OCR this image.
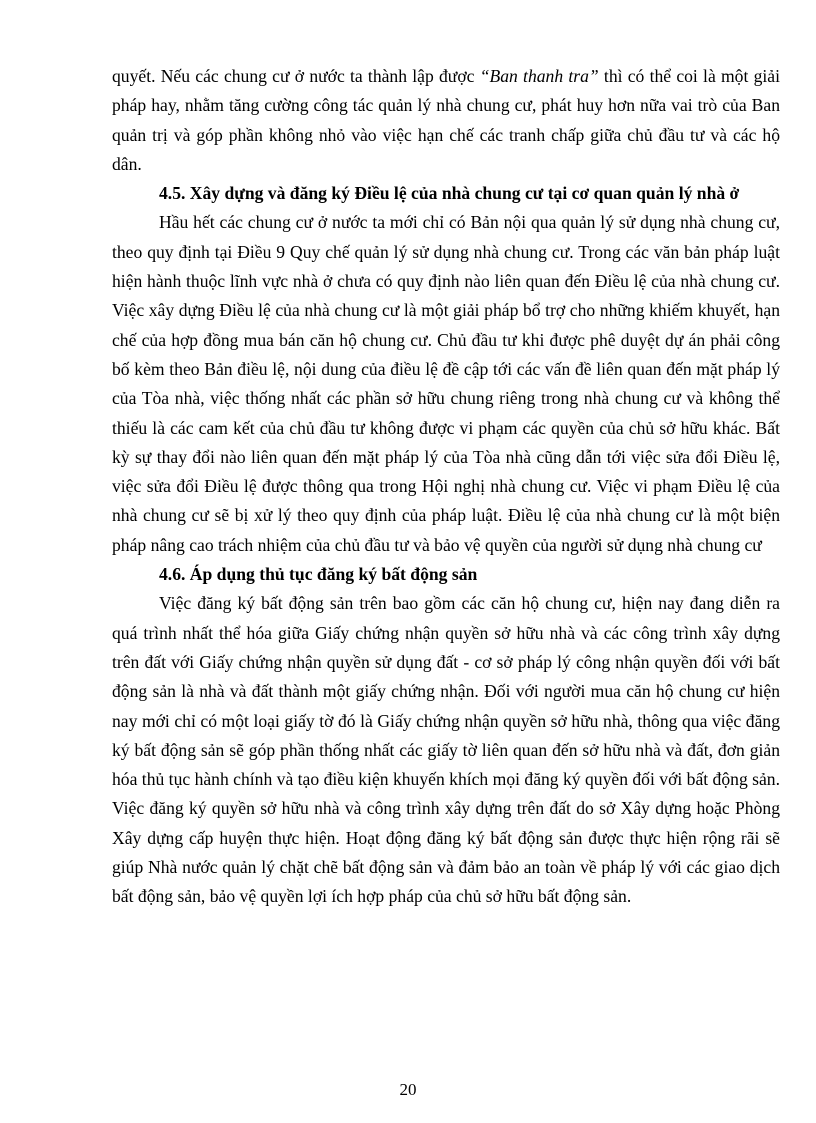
quyết. Nếu các chung cư ở nước ta thành lập được “Ban thanh tra” thì có thể coi là một giải pháp hay, nhằm tăng cường công tác quản lý nhà chung cư, phát huy hơn nữa vai trò của Ban quản trị và góp phần không nhỏ vào việc hạn chế các tranh chấp giữa chủ đầu tư và các hộ dân.

4.5. Xây dựng và đăng ký Điều lệ của nhà chung cư tại cơ quan quản lý nhà ở

Hầu hết các chung cư ở nước ta mới chỉ có Bản nội qua quản lý sử dụng nhà chung cư, theo quy định tại Điều 9 Quy chế quản lý sử dụng nhà chung cư. Trong các văn bản pháp luật hiện hành thuộc lĩnh vực nhà ở chưa có quy định nào liên quan đến Điều lệ của nhà chung cư. Việc xây dựng Điều lệ của nhà chung cư là một giải pháp bổ trợ cho những khiếm khuyết, hạn chế của hợp đồng mua bán căn hộ chung cư. Chủ đầu tư khi được phê duyệt dự án phải công bố kèm theo Bản điều lệ, nội dung của điều lệ đề cập tới các vấn đề liên quan đến mặt pháp lý của Tòa nhà, việc thống nhất các phần sở hữu chung riêng trong nhà chung cư và không thể thiếu là các cam kết của chủ đầu tư không được vi phạm các quyền của chủ sở hữu khác. Bất kỳ sự thay đổi nào liên quan đến mặt pháp lý của Tòa nhà cũng dẫn tới việc sửa đổi Điều lệ, việc sửa đổi Điều lệ được thông qua trong Hội nghị nhà chung cư. Việc vi phạm Điều lệ của nhà chung cư sẽ bị xử lý theo quy định của pháp luật. Điều lệ của nhà chung cư là một biện pháp nâng cao trách nhiệm của chủ đầu tư và bảo vệ quyền của người sử dụng nhà chung cư

4.6. Áp dụng thủ tục đăng ký bất động sản

Việc đăng ký bất động sản trên bao gồm các căn hộ chung cư, hiện nay đang diễn ra quá trình nhất thể hóa giữa Giấy chứng nhận quyền sở hữu nhà và các công trình xây dựng trên đất với Giấy chứng nhận quyền sử dụng đất - cơ sở pháp lý công nhận quyền đối với bất động sản là nhà và đất thành một giấy chứng nhận. Đối với người mua căn hộ chung cư hiện nay mới chỉ có một loại giấy tờ đó là Giấy chứng nhận quyền sở hữu nhà, thông qua việc đăng ký bất động sản sẽ góp phần thống nhất các giấy tờ liên quan đến sở hữu nhà và đất, đơn giản hóa thủ tục hành chính và tạo điều kiện khuyến khích mọi đăng ký quyền đối với bất động sản. Việc đăng ký quyền sở hữu nhà và công trình xây dựng trên đất do sở Xây dựng hoặc Phòng Xây dựng cấp huyện thực hiện. Hoạt động đăng ký bất động sản được thực hiện rộng rãi sẽ giúp Nhà nước quản lý chặt chẽ bất động sản và đảm bảo an toàn về pháp lý với các giao dịch bất động sản, bảo vệ quyền lợi ích hợp pháp của chủ sở hữu bất động sản.

20
